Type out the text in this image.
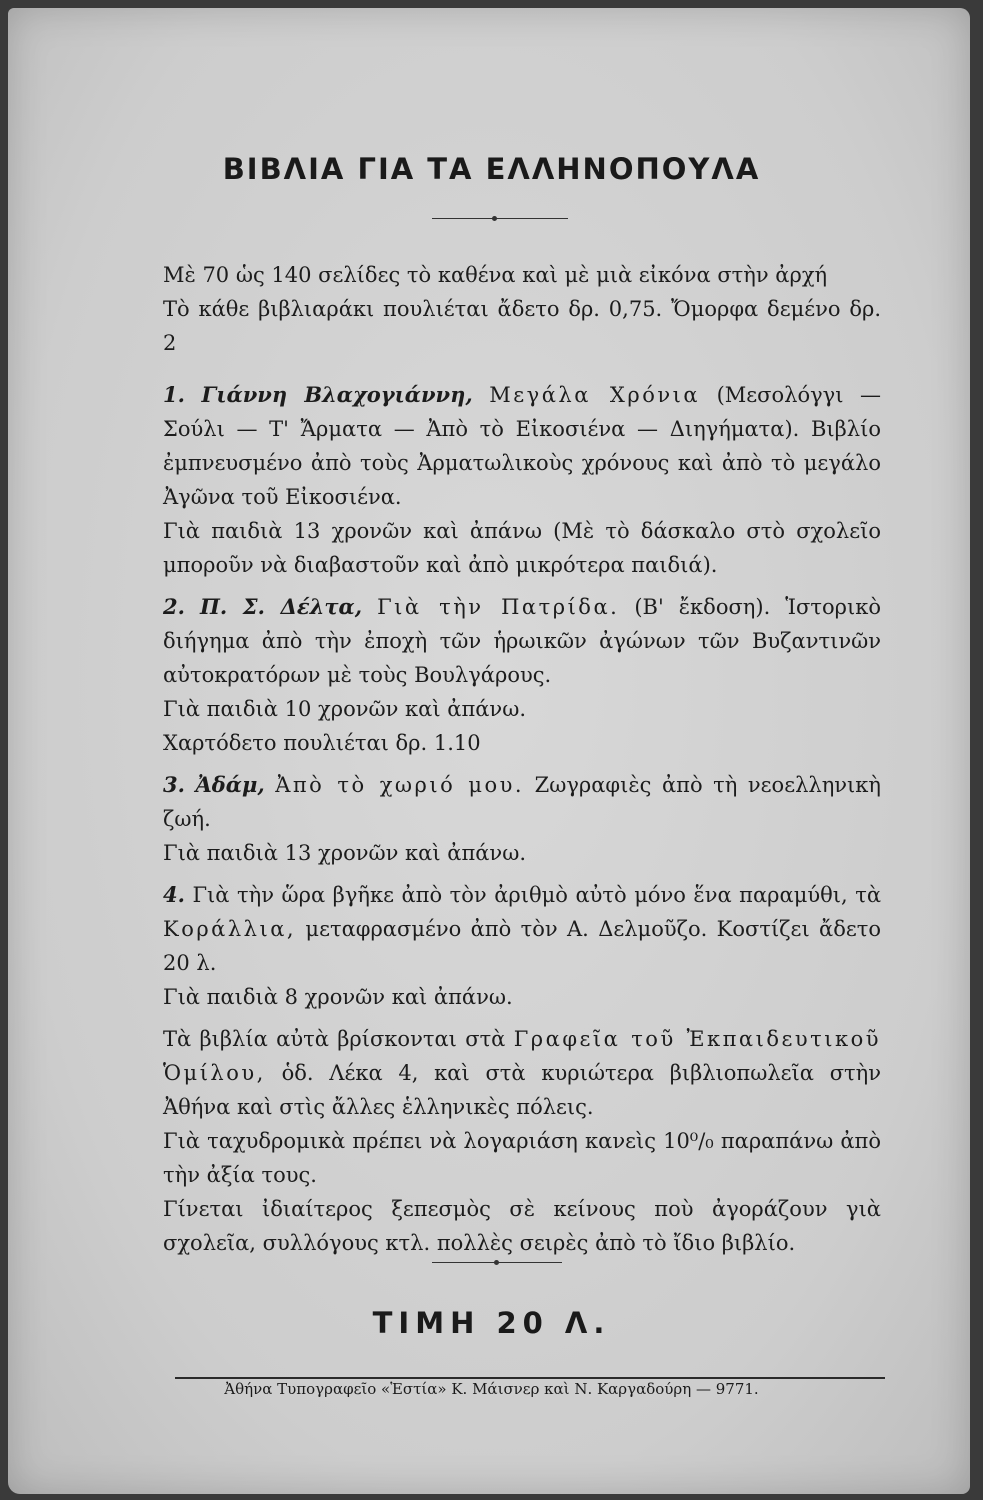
ΒΙΒΛΙΑ ΓΙΑ ΤΑ ΕΛΛΗΝΟΠΟΥΛΑ

Μὲ 70 ὡς 140 σελίδες τὸ καθένα καὶ μὲ μιὰ εἰκόνα στὴν ἀρχή

Τὸ κάθε βιβλιαράκι πουλιέται ἄδετο δρ. 0,75. Ὄμορφα δεμένο δρ. 2

1. Γιάννη Βλαχογιάννη, Μεγάλα Χρόνια (Μεσολόγγι — Σούλι — Τ' Ἄρματα — Ἀπὸ τὸ Εἰκοσιένα — Διηγήματα). Βιβλίο ἐμπνευσμένο ἀπὸ τοὺς Ἀρματωλικοὺς χρόνους καὶ ἀπὸ τὸ μεγάλο Ἀγῶνα τοῦ Εἰκοσιένα.

Γιὰ παιδιὰ 13 χρονῶν καὶ ἀπάνω (Μὲ τὸ δάσκαλο στὸ σχολεῖο μποροῦν νὰ διαβαστοῦν καὶ ἀπὸ μικρότερα παιδιά).

2. Π. Σ. Δέλτα, Γιὰ τὴν Πατρίδα. (Β' ἔκδοση). Ἱστορικὸ διήγημα ἀπὸ τὴν ἐποχὴ τῶν ἡρωικῶν ἀγώνων τῶν Βυζαντινῶν αὐτοκρατόρων μὲ τοὺς Βουλγάρους.

Γιὰ παιδιὰ 10 χρονῶν καὶ ἀπάνω.

Χαρτόδετο πουλιέται δρ. 1.10

3. Ἀδάμ, Ἀπὸ τὸ χωριό μου. Ζωγραφιὲς ἀπὸ τὴ νεοελληνικὴ ζωή.

Γιὰ παιδιὰ 13 χρονῶν καὶ ἀπάνω.

4. Γιὰ τὴν ὥρα βγῆκε ἀπὸ τὸν ἀριθμὸ αὐτὸ μόνο ἕνα παραμύθι, τὰ Κοράλλια, μεταφρασμένο ἀπὸ τὸν Α. Δελμοῦζο. Κοστίζει ἄδετο 20 λ.

Γιὰ παιδιὰ 8 χρονῶν καὶ ἀπάνω.

Τὰ βιβλία αὐτὰ βρίσκονται στὰ Γραφεῖα τοῦ Ἐκπαιδευτικοῦ Ὁμίλου, ὁδ. Λέκα 4, καὶ στὰ κυριώτερα βιβλιοπωλεῖα στὴν Ἀθήνα καὶ στὶς ἄλλες ἑλληνικὲς πόλεις.

Γιὰ ταχυδρομικὰ πρέπει νὰ λογαριάση κανεὶς 10⁰/₀ παραπάνω ἀπὸ τὴν ἀξία τους.

Γίνεται ἰδιαίτερος ξεπεσμὸς σὲ κείνους ποὺ ἀγοράζουν γιὰ σχολεῖα, συλλόγους κτλ. πολλὲς σειρὲς ἀπὸ τὸ ἴδιο βιβλίο.

ΤΙΜΗ 20 Λ.
Ἀθήνα Τυπογραφεῖο «Ἑστία» Κ. Μάισνερ καὶ Ν. Καργαδούρη — 9771.
